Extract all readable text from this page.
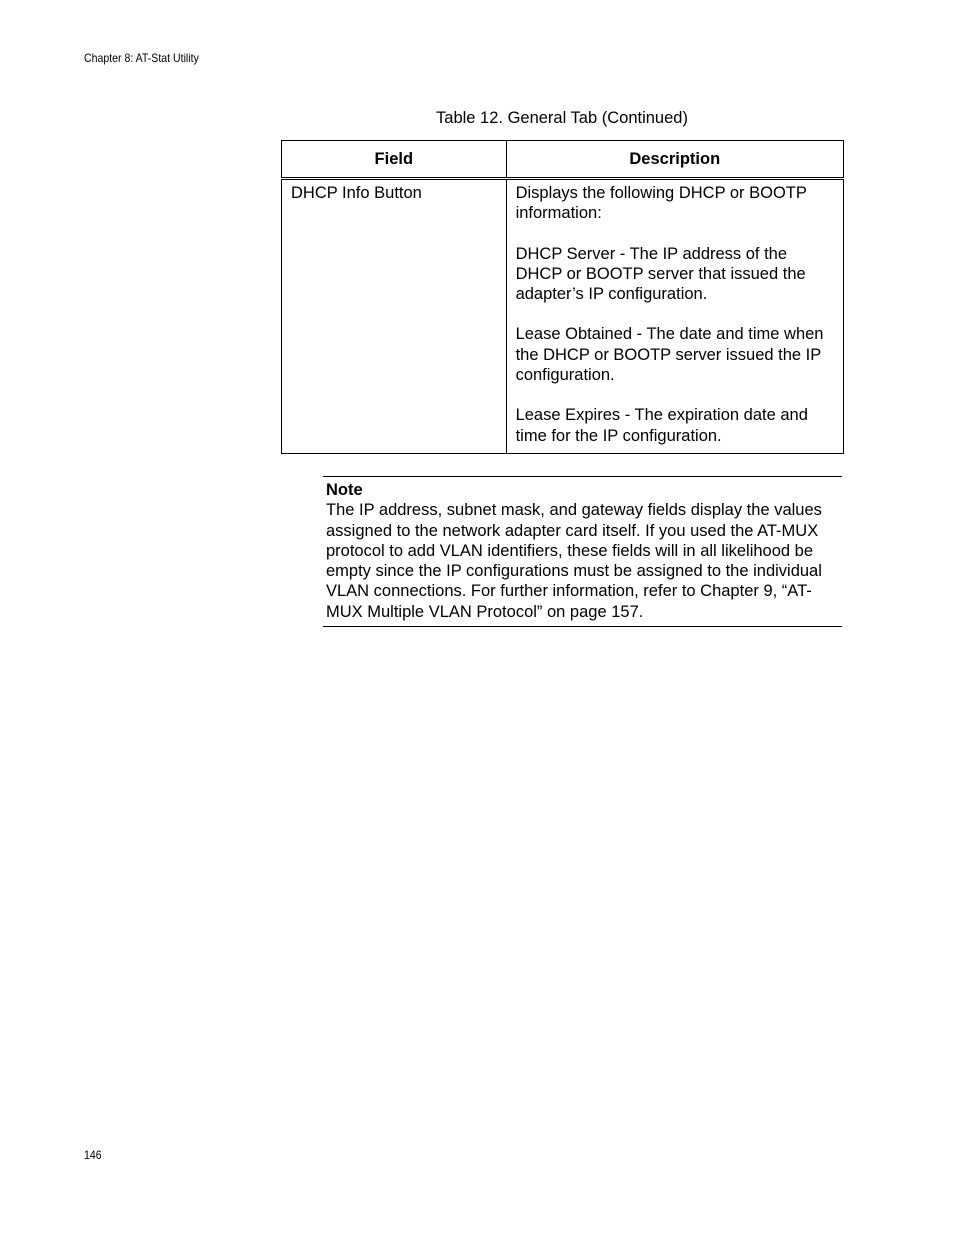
Chapter 8: AT-Stat Utility
Table 12. General Tab (Continued)
Field	Description
DHCP Info Button	Displays the following DHCP or BOOTP information:

DHCP Server - The IP address of the DHCP or BOOTP server that issued the adapter’s IP configuration.

Lease Obtained - The date and time when the DHCP or BOOTP server issued the IP configuration.

Lease Expires - The expiration date and time for the IP configuration.

Note
The IP address, subnet mask, and gateway fields display the values assigned to the network adapter card itself. If you used the AT-MUX protocol to add VLAN identifiers, these fields will in all likelihood be empty since the IP configurations must be assigned to the individual VLAN connections. For further information, refer to Chapter 9, “AT-MUX Multiple VLAN Protocol” on page 157.
146
